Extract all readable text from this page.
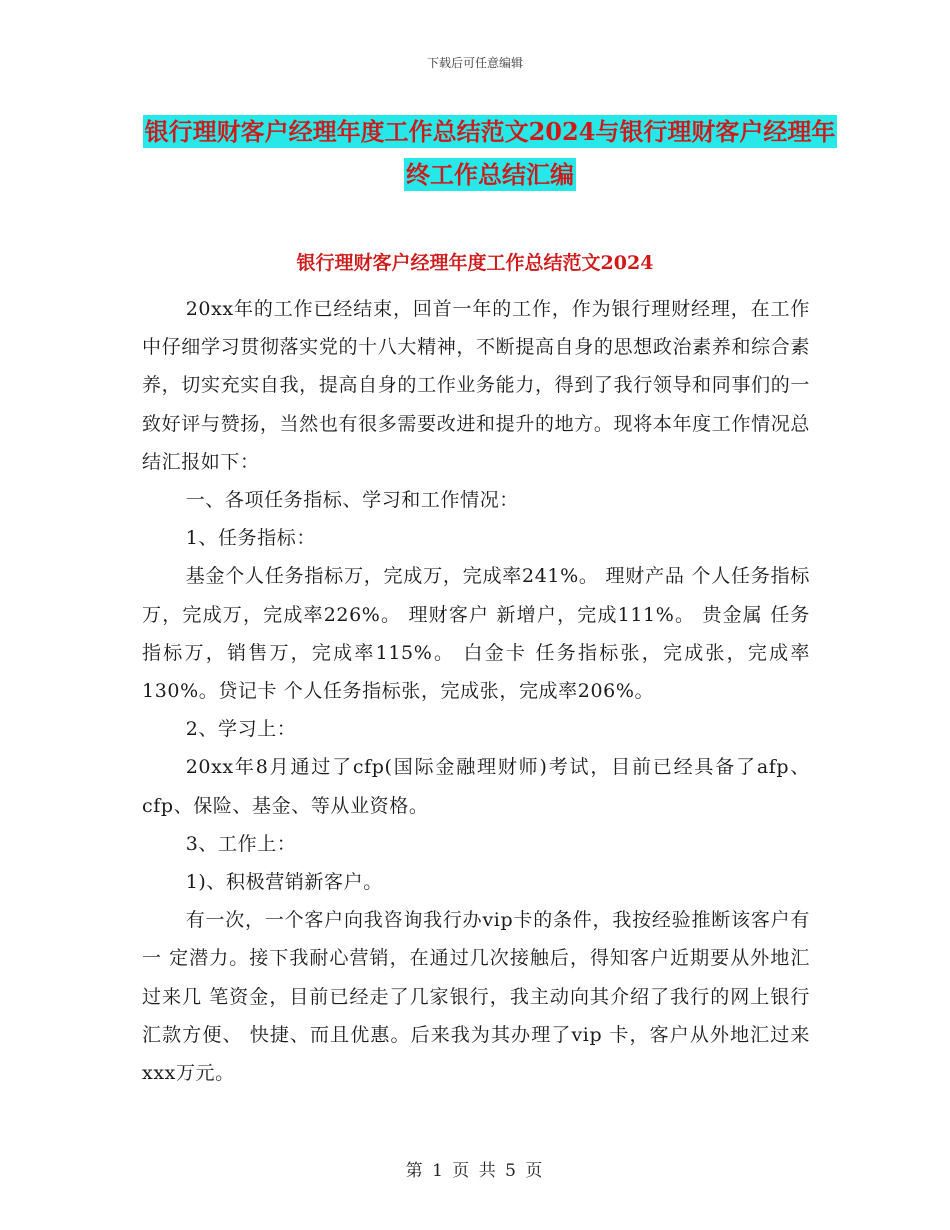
下载后可任意编辑
银行理财客户经理年度工作总结范文2024与银行理财客户经理年终工作总结汇编
银行理财客户经理年度工作总结范文2024

20xx年的工作已经结束，回首一年的工作，作为银行理财经理，在工作中仔细学习贯彻落实党的十八大精神，不断提高自身的思想政治素养和综合素养，切实充实自我，提高自身的工作业务能力，得到了我行领导和同事们的一致好评与赞扬，当然也有很多需要改进和提升的地方。现将本年度工作情况总结汇报如下：

一、各项任务指标、学习和工作情况：

1、任务指标：

基金个人任务指标万，完成万，完成率241%。 理财产品 个人任务指标万，完成万，完成率226%。 理财客户 新增户，完成111%。 贵金属 任务指标万，销售万，完成率115%。 白金卡 任务指标张，完成张，完成率130%。贷记卡 个人任务指标张，完成张，完成率206%。

2、学习上：

20xx年8月通过了cfp(国际金融理财师)考试，目前已经具备了afp、 cfp、保险、基金、等从业资格。

3、工作上：

1)、积极营销新客户。

有一次，一个客户向我咨询我行办vip卡的条件，我按经验推断该客户有一 定潜力。接下我耐心营销，在通过几次接触后，得知客户近期要从外地汇过来几 笔资金，目前已经走了几家银行，我主动向其介绍了我行的网上银行汇款方便、 快捷、而且优惠。后来我为其办理了vip 卡，客户从外地汇过来xxx万元。

第 1 页 共 5 页
